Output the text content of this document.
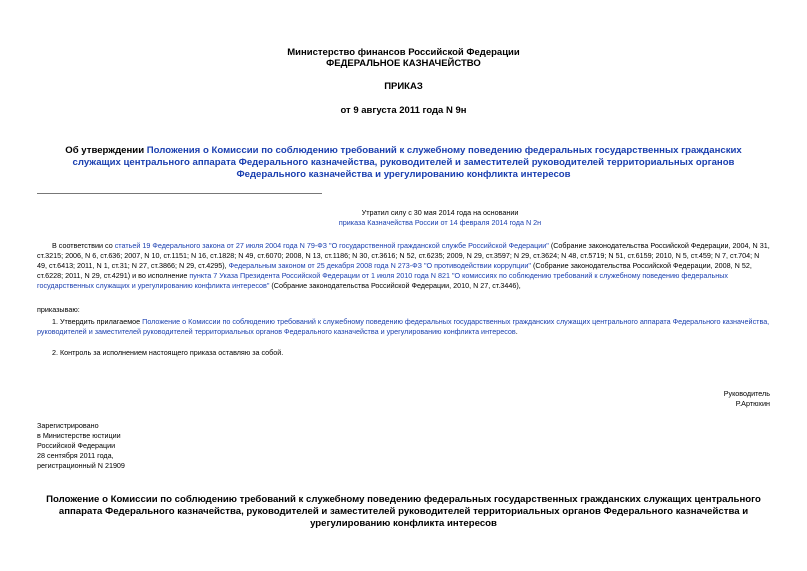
Министерство финансов Российской Федерации
ФЕДЕРАЛЬНОЕ КАЗНАЧЕЙСТВО
ПРИКАЗ
от 9 августа 2011 года N 9н
Об утверждении Положения о Комиссии по соблюдению требований к служебному поведению федеральных государственных гражданских служащих центрального аппарата Федерального казначейства, руководителей и заместителей руководителей территориальных органов Федерального казначейства и урегулированию конфликта интересов

Утратил силу с 30 мая 2014 года на основании

приказа Казначейства России от 14 февраля 2014 года N 2н

В соответствии со статьей 19 Федерального закона от 27 июля 2004 года N 79-ФЗ "О государственной гражданской службе Российской Федерации" (Собрание законодательства Российской Федерации, 2004, N 31, ст.3215; 2006, N 6, ст.636; 2007, N 10, ст.1151; N 16, ст.1828; N 49, ст.6070; 2008, N 13, ст.1186; N 30, ст.3616; N 52, ст.6235; 2009, N 29, ст.3597; N 29, ст.3624; N 48, ст.5719; N 51, ст.6159; 2010, N 5, ст.459; N 7, ст.704; N 49, ст.6413; 2011, N 1, ст.31; N 27, ст.3866; N 29, ст.4295), Федеральным законом от 25 декабря 2008 года N 273-ФЗ "О противодействии коррупции" (Собрание законодательства Российской Федерации, 2008, N 52, ст.6228; 2011, N 29, ст.4291) и во исполнение пункта 7 Указа Президента Российской Федерации от 1 июля 2010 года N 821 "О комиссиях по соблюдению требований к служебному поведению федеральных государственных служащих и урегулированию конфликта интересов" (Собрание законодательства Российской Федерации, 2010, N 27, ст.3446),
приказываю:
1. Утвердить прилагаемое Положение о Комиссии по соблюдению требований к служебному поведению федеральных государственных гражданских служащих центрального аппарата Федерального казначейства, руководителей и заместителей руководителей территориальных органов Федерального казначейства и урегулированию конфликта интересов.
2. Контроль за исполнением настоящего приказа оставляю за собой.

Руководитель

Р.Артюхин

Зарегистрировано

в Министерстве юстиции

Российской Федерации

28 сентября 2011 года,

регистрационный N 21909

Положение о Комиссии по соблюдению требований к служебному поведению федеральных государственных гражданских служащих центрального аппарата Федерального казначейства, руководителей и заместителей руководителей территориальных органов Федерального казначейства и урегулированию конфликта интересов
